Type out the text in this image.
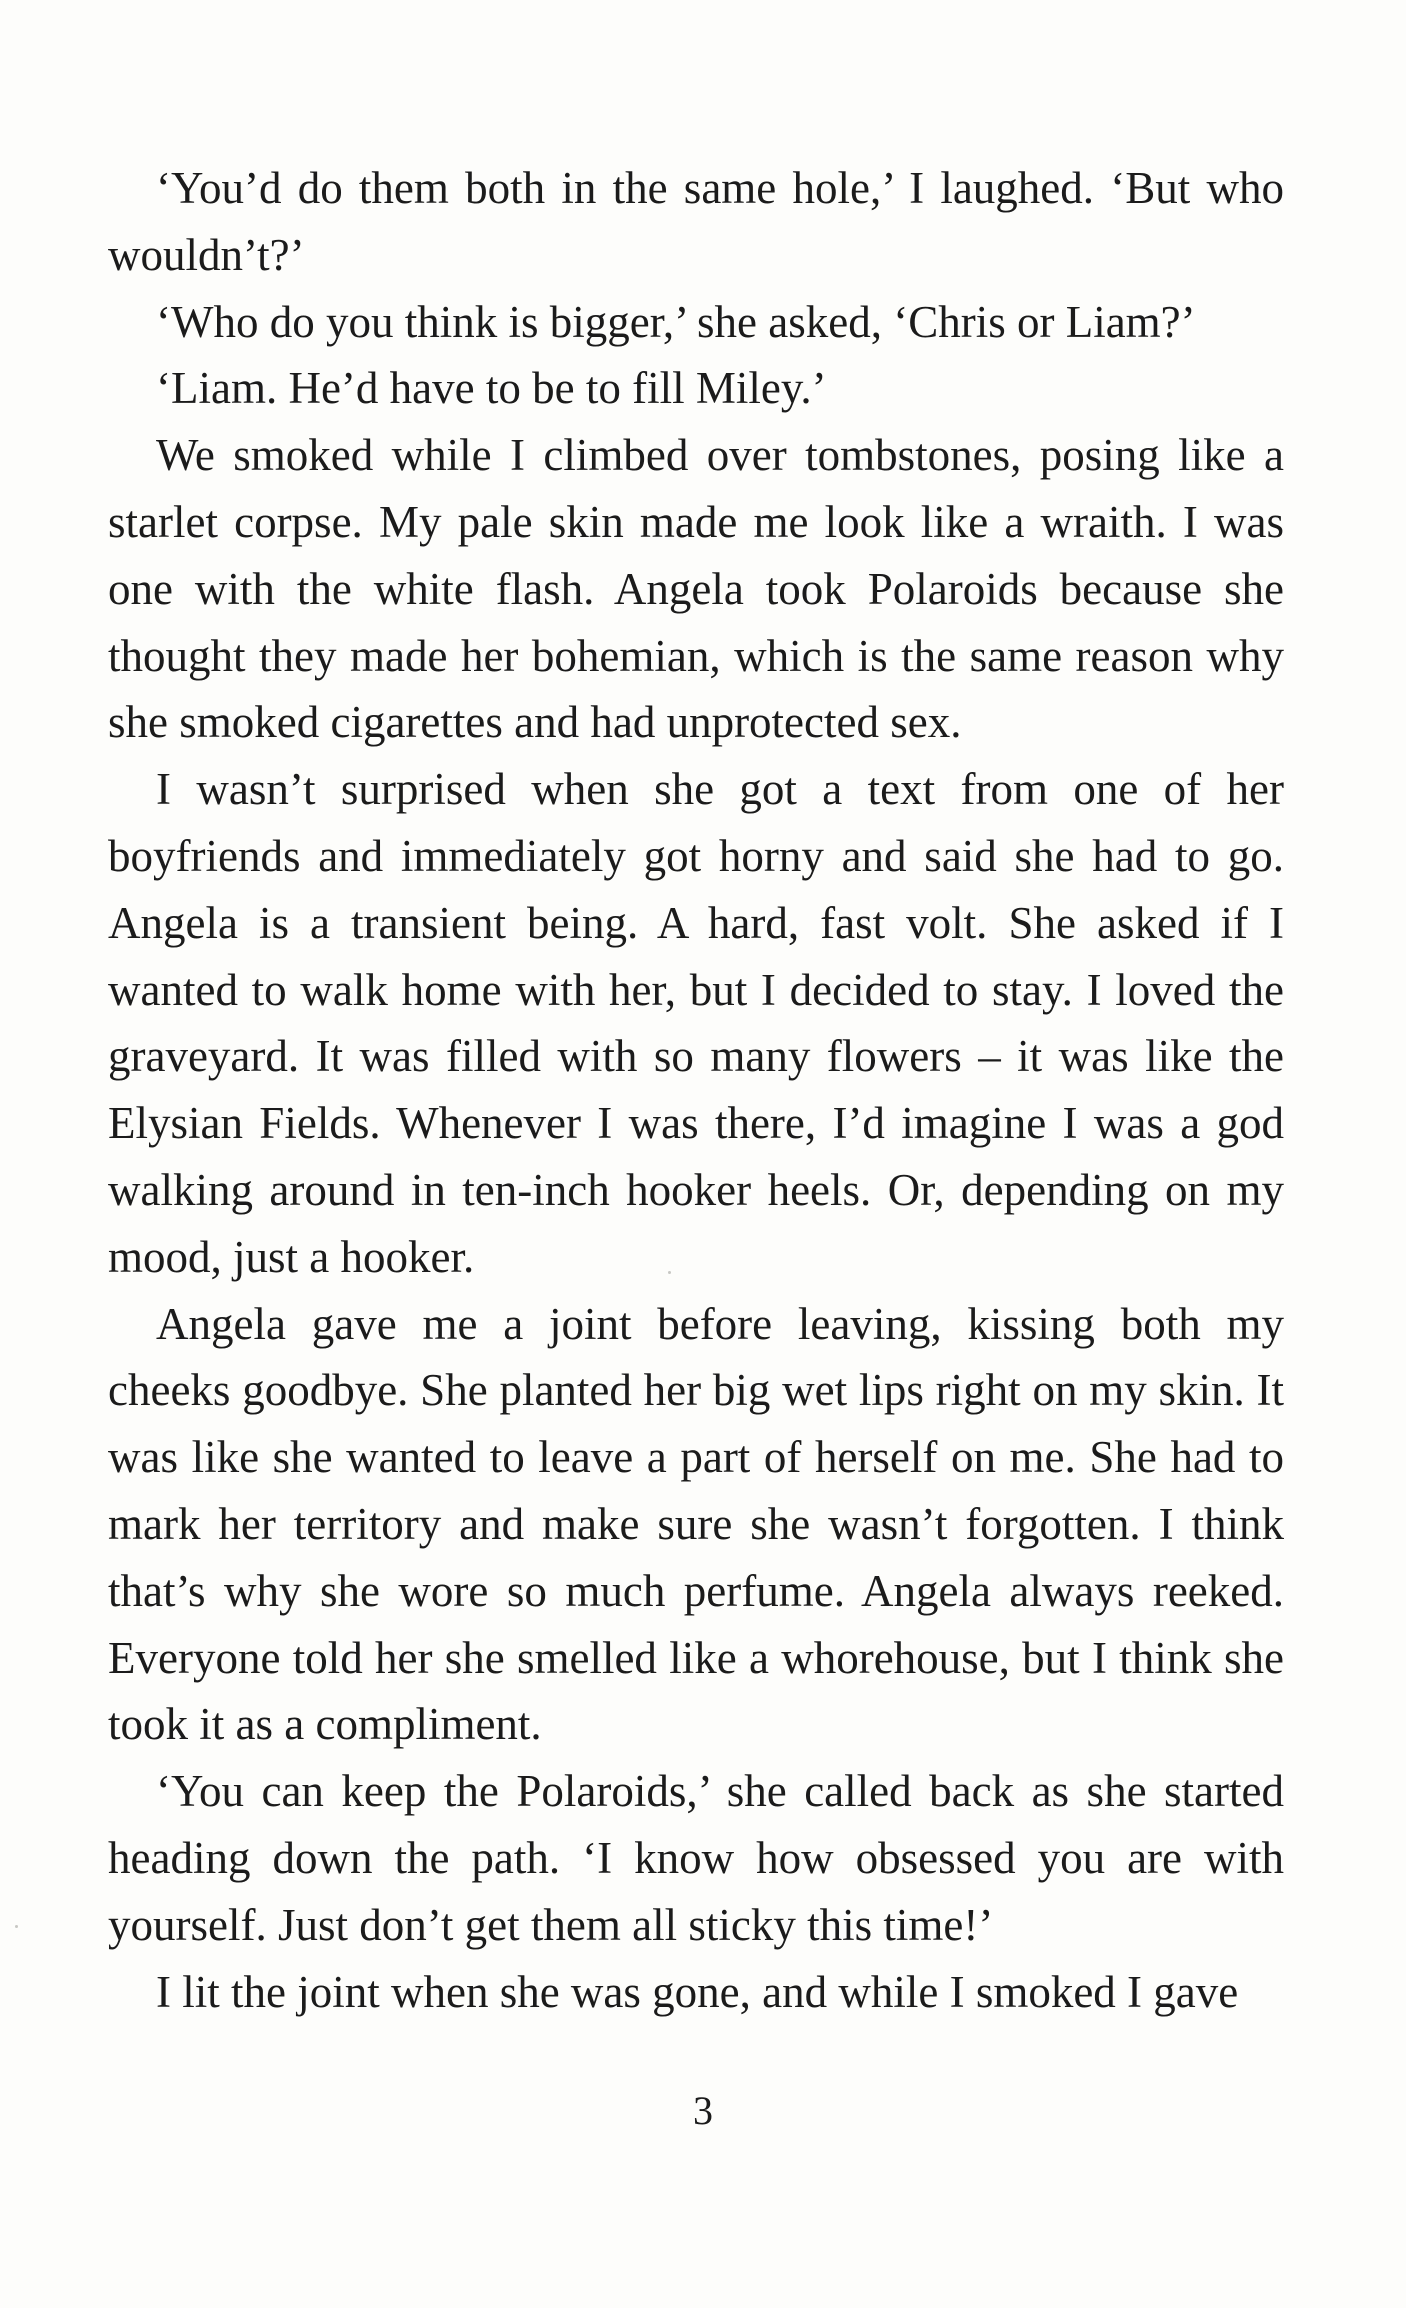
‘You’d do them both in the same hole,’ I laughed. ‘But who wouldn’t?’

‘Who do you think is bigger,’ she asked, ‘Chris or Liam?’

‘Liam. He’d have to be to fill Miley.’

We smoked while I climbed over tombstones, posing like a starlet corpse. My pale skin made me look like a wraith. I was one with the white flash. Angela took Polaroids because she thought they made her bohemian, which is the same reason why she smoked cigarettes and had unprotected sex.

I wasn’t surprised when she got a text from one of her boyfriends and immediately got horny and said she had to go. Angela is a transient being. A hard, fast volt. She asked if I wanted to walk home with her, but I decided to stay. I loved the graveyard. It was filled with so many flowers – it was like the Elysian Fields. Whenever I was there, I’d imagine I was a god walking around in ten-inch hooker heels. Or, depending on my mood, just a hooker.

Angela gave me a joint before leaving, kissing both my cheeks goodbye. She planted her big wet lips right on my skin. It was like she wanted to leave a part of herself on me. She had to mark her territory and make sure she wasn’t forgotten. I think that’s why she wore so much perfume. Angela always reeked. Everyone told her she smelled like a whorehouse, but I think she took it as a compliment.

‘You can keep the Polaroids,’ she called back as she started heading down the path. ‘I know how obsessed you are with yourself. Just don’t get them all sticky this time!’

I lit the joint when she was gone, and while I smoked I gave

3
